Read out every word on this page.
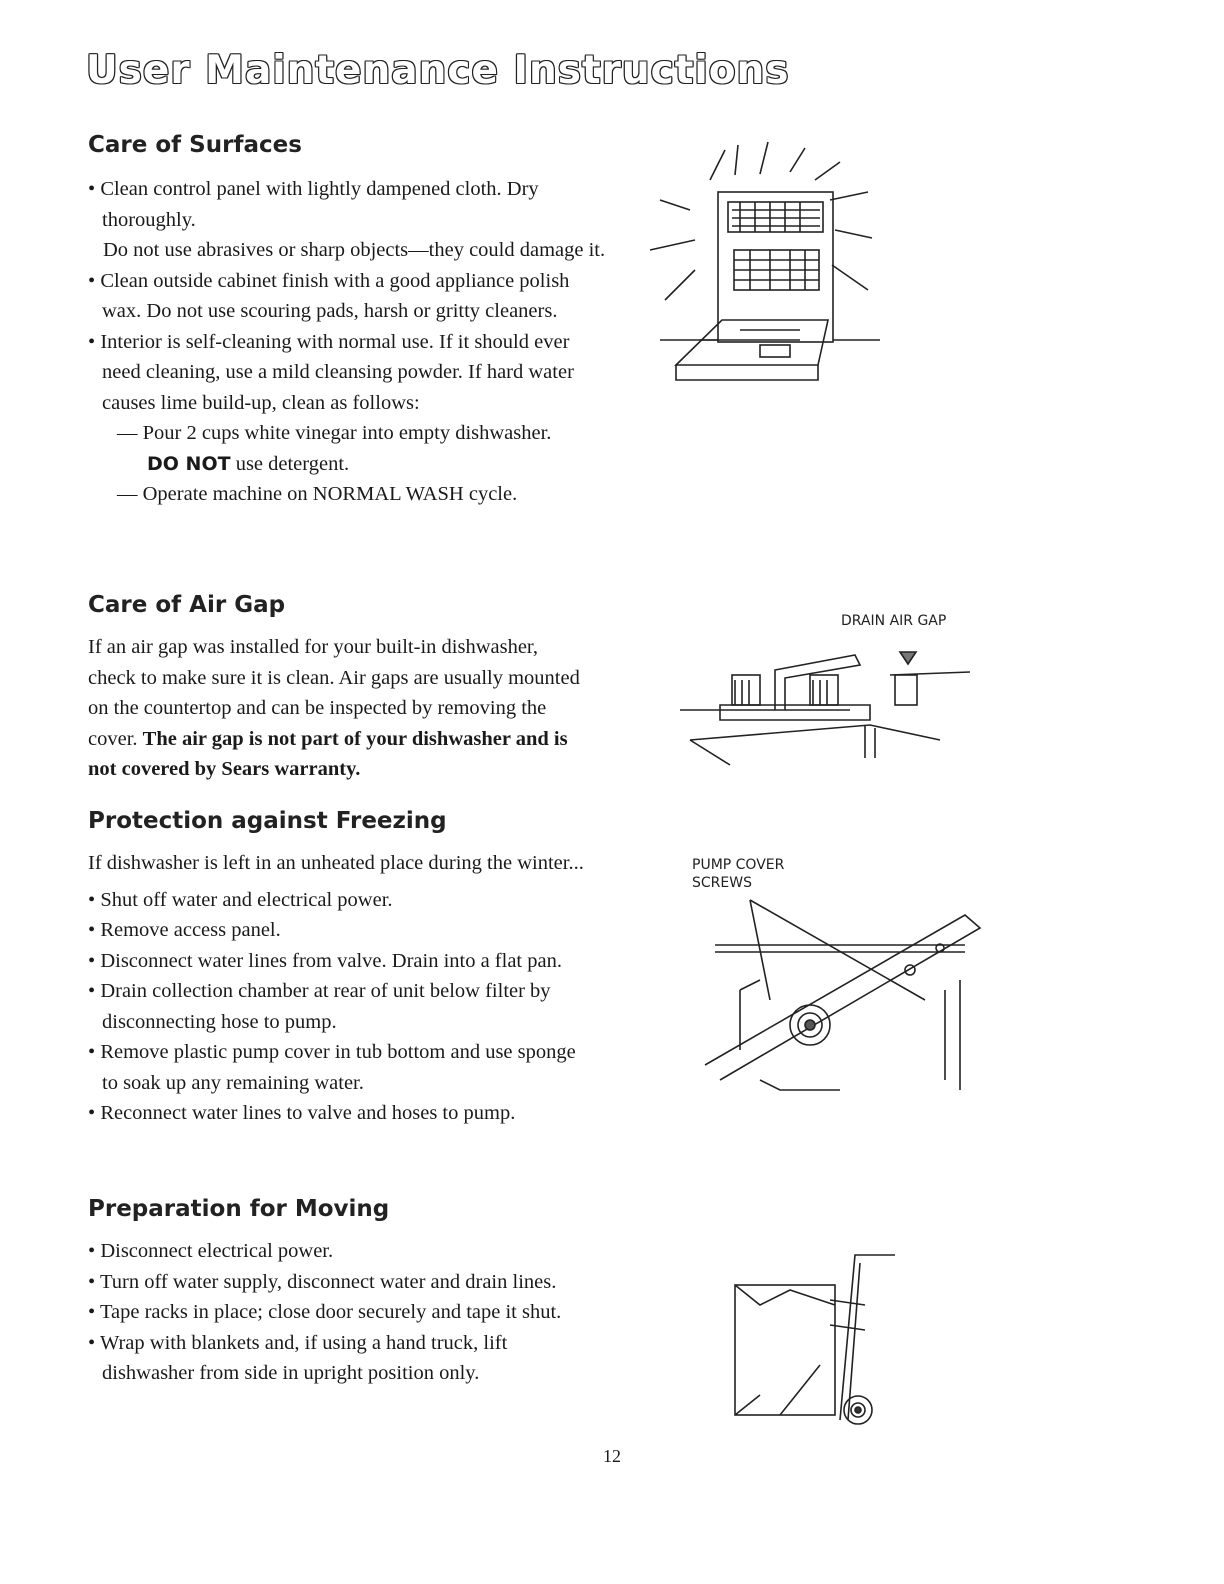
User Maintenance Instructions
Care of Surfaces

• Clean control panel with lightly dampened cloth. Dry thoroughly.

Do not use abrasives or sharp objects—they could damage it.

• Clean outside cabinet finish with a good appliance polish wax. Do not use scouring pads, harsh or gritty cleaners.

• Interior is self-cleaning with normal use. If it should ever need cleaning, use a mild cleansing powder. If hard water causes lime build-up, clean as follows:

— Pour 2 cups white vinegar into empty dishwasher.
DO NOT use detergent.

— Operate machine on NORMAL WASH cycle.

Care of Air Gap

If an air gap was installed for your built-in dishwasher, check to make sure it is clean. Air gaps are usually mounted on the countertop and can be inspected by removing the cover. The air gap is not part of your dishwasher and is not covered by Sears warranty.

Protection against Freezing

If dishwasher is left in an unheated place during the winter...

• Shut off water and electrical power.

• Remove access panel.

• Disconnect water lines from valve. Drain into a flat pan.

• Drain collection chamber at rear of unit below filter by disconnecting hose to pump.

• Remove plastic pump cover in tub bottom and use sponge to soak up any remaining water.

• Reconnect water lines to valve and hoses to pump.

Preparation for Moving

• Disconnect electrical power.

• Turn off water supply, disconnect water and drain lines.

• Tape racks in place; close door securely and tape it shut.

• Wrap with blankets and, if using a hand truck, lift dishwasher from side in upright position only.

DRAIN AIR GAP
PUMP COVER
SCREWS
12
